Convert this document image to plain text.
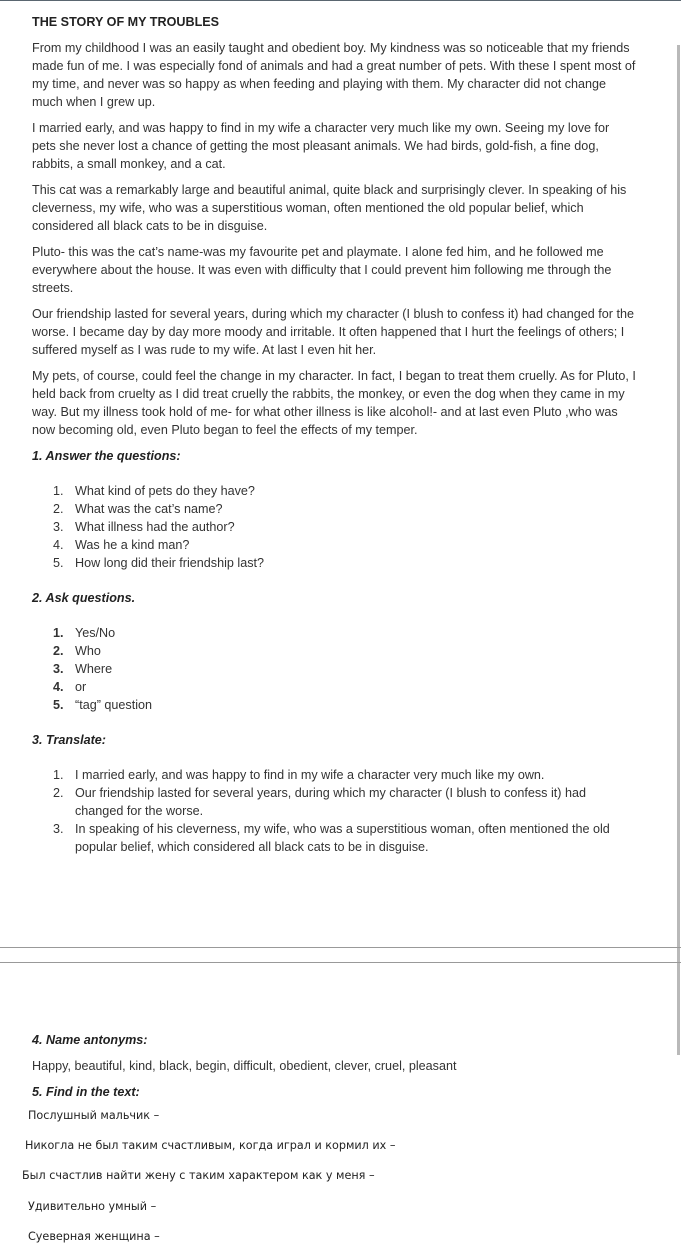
THE STORY OF MY TROUBLES

From my childhood I was an easily taught and obedient boy. My kindness was so noticeable that my friends made fun of me. I was especially fond of animals and had a great number of pets. With these I spent most of my time, and never was so happy as when feeding and playing with them. My character did not change much when I grew up.

I married early, and was happy to find in my wife a character very much like my own. Seeing my love for pets she never lost a chance of getting the most pleasant animals. We had birds, gold-fish, a fine dog, rabbits, a small monkey, and a cat.

This cat was a remarkably large and beautiful animal, quite black and surprisingly clever. In speaking of his cleverness, my wife, who was a superstitious woman, often mentioned the old popular belief, which considered all black cats to be in disguise.

Pluto- this was the cat’s name-was my favourite pet and playmate. I alone fed him, and he followed me everywhere about the house. It was even with difficulty that I could prevent him following me through the streets.

Our friendship lasted for several years, during which my character (I blush to confess it) had changed for the worse. I became day by day more moody and irritable. It often happened that I hurt the feelings of others; I suffered myself as I was rude to my wife. At last I even hit her.

My pets, of course, could feel the change in my character. In fact, I began to treat them cruelly. As for Pluto, I held back from cruelty as I did treat cruelly the rabbits, the monkey, or even the dog when they came in my way. But my illness took hold of me- for what other illness is like alcohol!- and at last even Pluto ,who was now becoming old, even Pluto began to feel the effects of my temper.

1. Answer the questions:
1. What kind of pets do they have?
2. What was the cat’s name?
3. What illness had the author?
4. Was he a kind man?
5. How long did their friendship last?
2. Ask questions.
1. Yes/No
2. Who
3. Where
4. or
5. “tag” question
3. Translate:
1. I married early, and was happy to find in my wife a character very much like my own.
2. Our friendship lasted for several years, during which my character (I blush to confess it) had changed for the worse.
3. In speaking of his cleverness, my wife, who was a superstitious woman, often mentioned the old popular belief, which considered all black cats to be in disguise.
4. Name antonyms:

Happy, beautiful, kind, black, begin, difficult, obedient, clever, cruel, pleasant

5. Find in the text:
Послушный мальчик –
Никогла не был таким счастливым, когда играл и кормил их –
Был счастлив найти жену с таким характером как у меня –
Удивительно умный –
Суеверная женщина –
